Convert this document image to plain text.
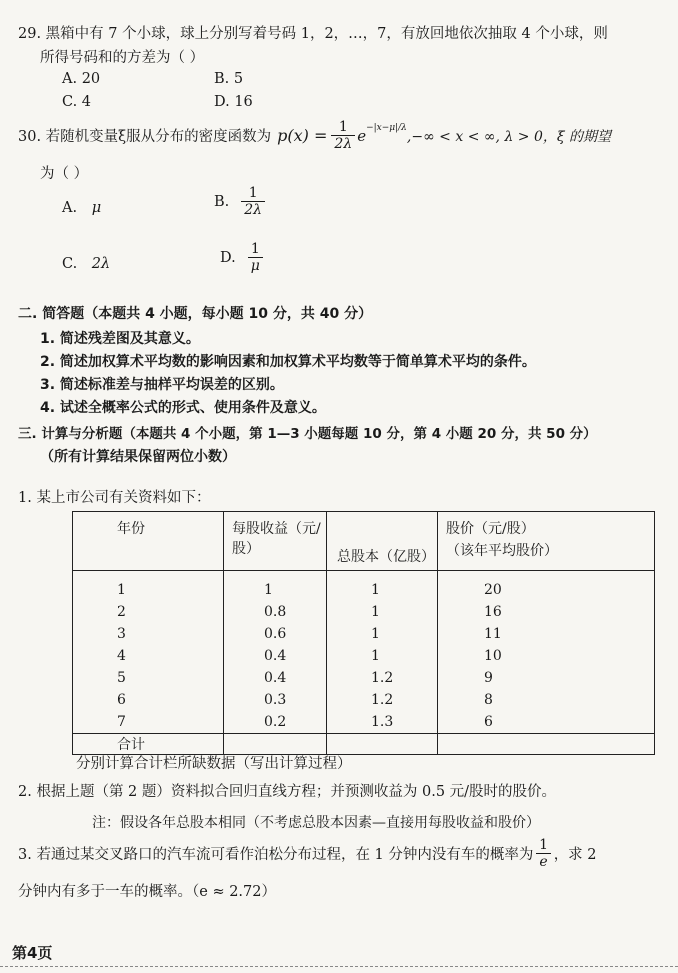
29. 黑箱中有 7 个小球，球上分别写着号码 1，2，…，7，有放回地依次抽取 4 个小球，则
所得号码和的方差为（ ）
A. 20	B. 5
C. 4	D. 16
30. 若随机变量ξ服从分布的密度函数为 $p(x) = \frac{1}{2\lambda} e^{-|x-\mu|/\lambda}$
,−∞ < x < ∞, λ > 0，ξ 的期望
为（ ）
A. μ	B. $\frac{1}{2\lambda}$
C. 2λ	D. $\frac{1}{\mu}$
二. 简答题（本题共 4 小题，每小题 10 分，共 40 分）
1. 简述残差图及其意义。
2. 简述加权算术平均数的影响因素和加权算术平均数等于简单算术平均的条件。
3. 简述标准差与抽样平均误差的区别。
4. 试述全概率公式的形式、使用条件及意义。
三. 计算与分析题（本题共 4 个小题，第 1—3 小题每题 10 分，第 4 小题 20 分，共 50 分）
（所有计算结果保留两位小数）
1. 某上市公司有关资料如下：
年份	每股收益（元/股）	总股本（亿股）	股价（元/股）
（该年平均股价）

1	1	1	20
2	0.8	1	16
3	0.6	1	11
4	0.4	1	10
5	0.4	1.2	9
6	0.3	1.2	8
7	0.2	1.3	6
合计			
分别计算合计栏所缺数据（写出计算过程）
2. 根据上题（第 2 题）资料拟合回归直线方程；并预测收益为 0.5 元/股时的股价。
注：假设各年总股本相同（不考虑总股本因素—直接用每股收益和股价）
3. 若通过某交叉路口的汽车流可看作泊松分布过程，在 1 分钟内没有车的概率为 $\frac{1}{e}$ ，求 2
分钟内有多于一车的概率。（e ≈ 2.72）
第4页
